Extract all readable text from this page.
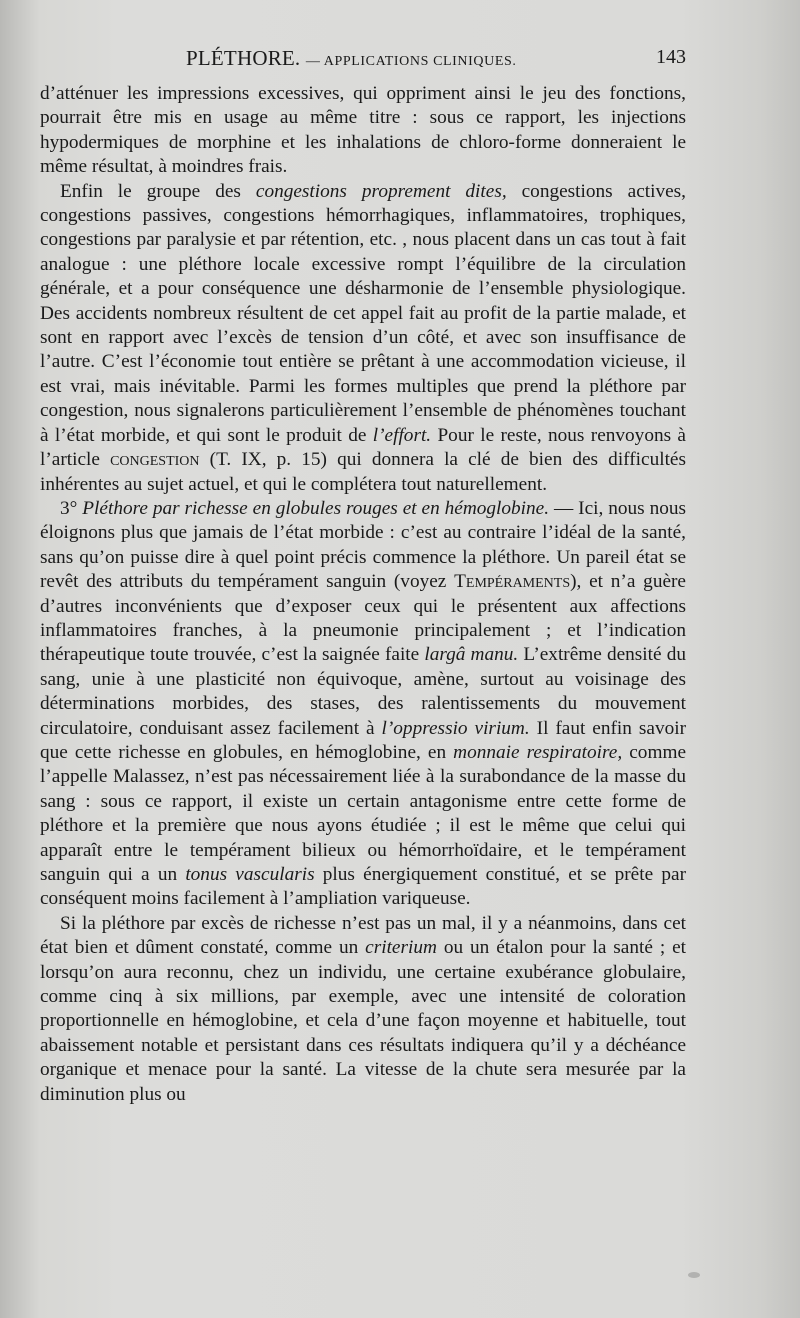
PLÉTHORE. — APPLICATIONS CLINIQUES.	143

d’atténuer les impressions excessives, qui oppriment ainsi le jeu des fonctions, pourrait être mis en usage au même titre : sous ce rapport, les injections hypodermiques de morphine et les inhalations de chloro-forme donneraient le même résultat, à moindres frais.

Enfin le groupe des congestions proprement dites, congestions actives, congestions passives, congestions hémorrhagiques, inflammatoires, trophiques, congestions par paralysie et par rétention, etc. , nous placent dans un cas tout à fait analogue : une pléthore locale excessive rompt l’équilibre de la circulation générale, et a pour conséquence une désharmonie de l’ensemble physiologique. Des accidents nombreux résultent de cet appel fait au profit de la partie malade, et sont en rapport avec l’excès de tension d’un côté, et avec son insuffisance de l’autre. C’est l’économie tout entière se prêtant à une accommodation vicieuse, il est vrai, mais inévitable. Parmi les formes multiples que prend la pléthore par congestion, nous signalerons particulièrement l’ensemble de phénomènes touchant à l’état morbide, et qui sont le produit de l’effort. Pour le reste, nous renvoyons à l’article congestion (T. IX, p. 15) qui donnera la clé de bien des difficultés inhérentes au sujet actuel, et qui le complétera tout naturellement.

3° Pléthore par richesse en globules rouges et en hémoglobine. — Ici, nous nous éloignons plus que jamais de l’état morbide : c’est au contraire l’idéal de la santé, sans qu’on puisse dire à quel point précis commence la pléthore. Un pareil état se revêt des attributs du tempérament sanguin (voyez Tempéraments), et n’a guère d’autres inconvénients que d’exposer ceux qui le présentent aux affections inflammatoires franches, à la pneumonie principalement ; et l’indication thérapeutique toute trouvée, c’est la saignée faite largâ manu. L’extrême densité du sang, unie à une plasticité non équivoque, amène, surtout au voisinage des déterminations morbides, des stases, des ralentissements du mouvement circulatoire, conduisant assez facilement à l’oppressio virium. Il faut enfin savoir que cette richesse en globules, en hémoglobine, en monnaie respiratoire, comme l’appelle Malassez, n’est pas nécessairement liée à la surabondance de la masse du sang : sous ce rapport, il existe un certain antagonisme entre cette forme de pléthore et la première que nous ayons étudiée ; il est le même que celui qui apparaît entre le tempérament bilieux ou hémorrhoïdaire, et le tempérament sanguin qui a un tonus vascularis plus énergiquement constitué, et se prête par conséquent moins facilement à l’ampliation variqueuse.

Si la pléthore par excès de richesse n’est pas un mal, il y a néanmoins, dans cet état bien et dûment constaté, comme un criterium ou un étalon pour la santé ; et lorsqu’on aura reconnu, chez un individu, une certaine exubérance globulaire, comme cinq à six millions, par exemple, avec une intensité de coloration proportionnelle en hémoglobine, et cela d’une façon moyenne et habituelle, tout abaissement notable et persistant dans ces résultats indiquera qu’il y a déchéance organique et menace pour la santé. La vitesse de la chute sera mesurée par la diminution plus ou
